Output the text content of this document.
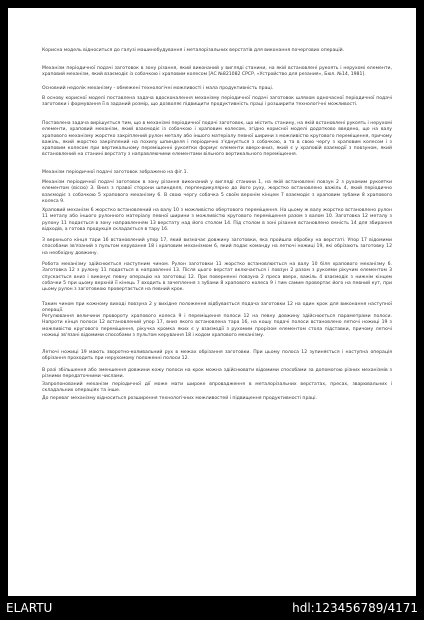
Корисна модель відноситься до галузі машинобудування і металорізальних верстатів для виконання почергових операцій.

Механізм періодичної подачі заготовок в зону різання, який виконаний у вигляді станини, на якій встановлені рукоять і нерухомі елементи, храповий механізм, який взаємодіє із собачкою і храповим колесом [АС №821082 СРСР, «Устройство для резания», Бюл. №14, 1981].

Основний недолік механізму - обмежені технологічні можливості і мала продуктивність праці.

В основу корисної моделі поставлена задача вдосконалення механізму періодичної подачі заготовок шляхом одночасної періодичної подачі заготовки і формування її в заданий розмір, що дозволяє підвищити продуктивність праці і розширити технологічні можливості.

Поставлена задача вирішується тим, що в механізмі періодичної подачі заготовок, що містить станину, на якій встановлені рукоять і нерухомі елементи, храповий механізм, який взаємодіє із собачкою і храповим колесом, згідно корисної моделі додатково введено, що на валу храпового механізму жорстко закріплений рулон металу або іншого матеріалу певної ширини з можливістю кругового переміщення, причому важіль, який жорстко закріплений на похилу шпинделя і періодично з'єднується з собачкою, а та в свою чергу з храповим колесом і з храповим колесом при вертикальному переміщенні рукоятки формує елементи вверх-вниз, який є у храповій взаємодії з повзуном, який встановлений на станині верстату з направляючими елементами вільного вертикального переміщення.

Механізм періодичної подачі заготовок зображено на фіг.1.

Механізм періодичної подачі заготовок в зону різання виконаний у вигляді станини 1, на якій встановлені повзун 2 з рухомим рукоятки елементом (віссю) 3. Вниз з правої сторони шпинделя, перпендикулярно до його руху, жорстко встановлено важіль 4, який періодично взаємодіє з собачкою 5 храпового механізму 6. В свою чергу собачка 5 своїм верхнім кінцем 7 взаємодіє з храповим зубами 8 храпового колеса 9.

Храповий механізм 6 жорстко встановлений на валу 10 з можливістю обертового переміщення. На цьому ж валу жорстко встановлено рулон 11 металу або іншого рулонного матеріалу певної ширини з можливістю кругового переміщення разом з валом 10. Заготовка 12 металу з рулону 11 подається в зону направленням 13 верстату над його столом 14. Під столом в зоні різання встановлено ємність 14 для збирання відходів, а готова продукція складається в тару 16.

З верхнього кінця тари 16 встановлений упор 17, який визначає довжину заготовки, яка пройшла обробку на верстаті. Упор 17 відомими способами зв'язаний з пультом керування 18 і храповим механізмом 6, який подає команду на летючі ножиці 19, які обрізають заготовку 12 на необхідну довжину.

Робота механізму здійснюється наступним чином. Рулон заготовки 11 жорстко встановлюється на валу 10 біля храпового механізму 6. Заготовка 12 з рулону 11 подається в направленні 13. Після цього верстат включається і повзун 2 разом з рукоями рікучим елементом 3 спускається вниз і виконує певну операцію на заготовці 12. При поверненні повзуна 2 преса вверх, важіль 4 взаємодіє з нижнім кінцем собачки 5 при цьому верхній її кінець 7 входить в зачеплення з зубами 8 храпового колеса 9 і тим самим провертає його на певний кут, при цьому рулон з заготовкою провертається на певний крок.

Таким чином при кожному виході повзуна 2 у вихідне положення відбувається подача заготовки 12 на один крок для виконання наступної операції.

Регулювання величини провороту храпового колеса 9 і переміщення полоси 12 на певну довжину здійснюється параметрами полоси. Напроти кінця полоси 12 встановлений упор 17, вниз якого встановлена тара 16, на кошу подачі полоси встановлено летючі ножиці 19 з можливістю кругового переміщення, рікучка кромка яких є у взаємодії з рухомим прорізом елементом стола підставки, причому летючі ножиці зв'язані відомими способами з пультом керування 18 і кодом храпового механізму.

Летючі ножиці 19 мають зворотно-коливальний рух в межах обрізання заготовки. При цьому полоса 12 зупиняється і наступна операція обрізання проходить при нерухомому положенні полоси 12.

В разі збільшення або зменшення довжини кожу полоси на крок можна здійснювати відомими способами за допомогою різних механізмів з різними передаточними числами.

Запропонований механізм періодичної дії може мати широке впровадження в металорізальних верстатах, пресах, зварювальних і складальних операціях та інше.

До переваг механізму відноситься розширення технологічних можливостей і підвищення продуктивності праці.

ELARTU	hdl:123456789/4171
